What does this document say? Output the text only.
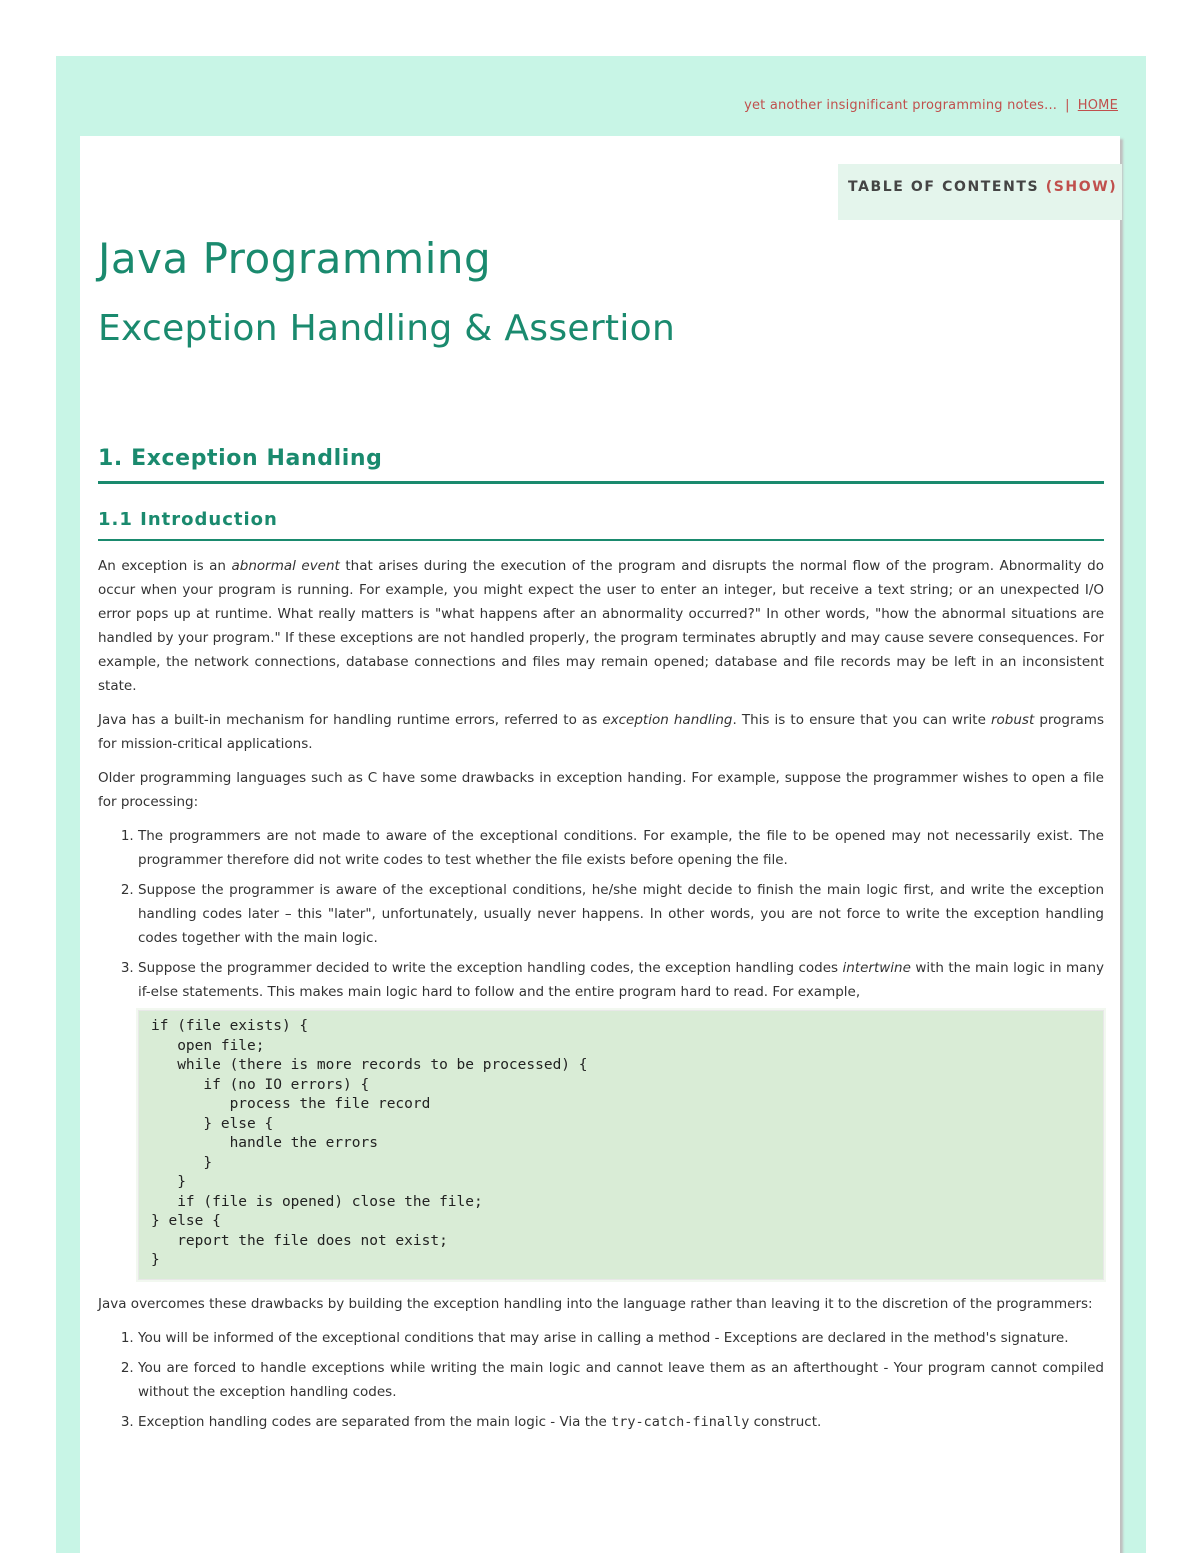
yet another insignificant programming notes... | HOME
TABLE OF CONTENTS (SHOW)
Java Programming
Exception Handling & Assertion
1. Exception Handling
1.1 Introduction

An exception is an abnormal event that arises during the execution of the program and disrupts the normal flow of the program. Abnormality do occur when your program is running. For example, you might expect the user to enter an integer, but receive a text string; or an unexpected I/O error pops up at runtime. What really matters is "what happens after an abnormality occurred?" In other words, "how the abnormal situations are handled by your program." If these exceptions are not handled properly, the program terminates abruptly and may cause severe consequences. For example, the network connections, database connections and files may remain opened; database and file records may be left in an inconsistent state.

Java has a built-in mechanism for handling runtime errors, referred to as exception handling. This is to ensure that you can write robust programs for mission-critical applications.

Older programming languages such as C have some drawbacks in exception handing. For example, suppose the programmer wishes to open a file for processing:

1. The programmers are not made to aware of the exceptional conditions. For example, the file to be opened may not necessarily exist. The programmer therefore did not write codes to test whether the file exists before opening the file.
2. Suppose the programmer is aware of the exceptional conditions, he/she might decide to finish the main logic first, and write the exception handling codes later – this "later", unfortunately, usually never happens. In other words, you are not force to write the exception handling codes together with the main logic.
3. Suppose the programmer decided to write the exception handling codes, the exception handling codes intertwine with the main logic in many if-else statements. This makes main logic hard to follow and the entire program hard to read. For example,
if (file exists) {
open file;
while (there is more records to be processed) {
if (no IO errors) {
process the file record
} else {
handle the errors
}
}
if (file is opened) close the file;
} else {
report the file does not exist;
}

Java overcomes these drawbacks by building the exception handling into the language rather than leaving it to the discretion of the programmers:

1. You will be informed of the exceptional conditions that may arise in calling a method - Exceptions are declared in the method's signature.
2. You are forced to handle exceptions while writing the main logic and cannot leave them as an afterthought - Your program cannot compiled without the exception handling codes.
3. Exception handling codes are separated from the main logic - Via the try-catch-finally construct.
